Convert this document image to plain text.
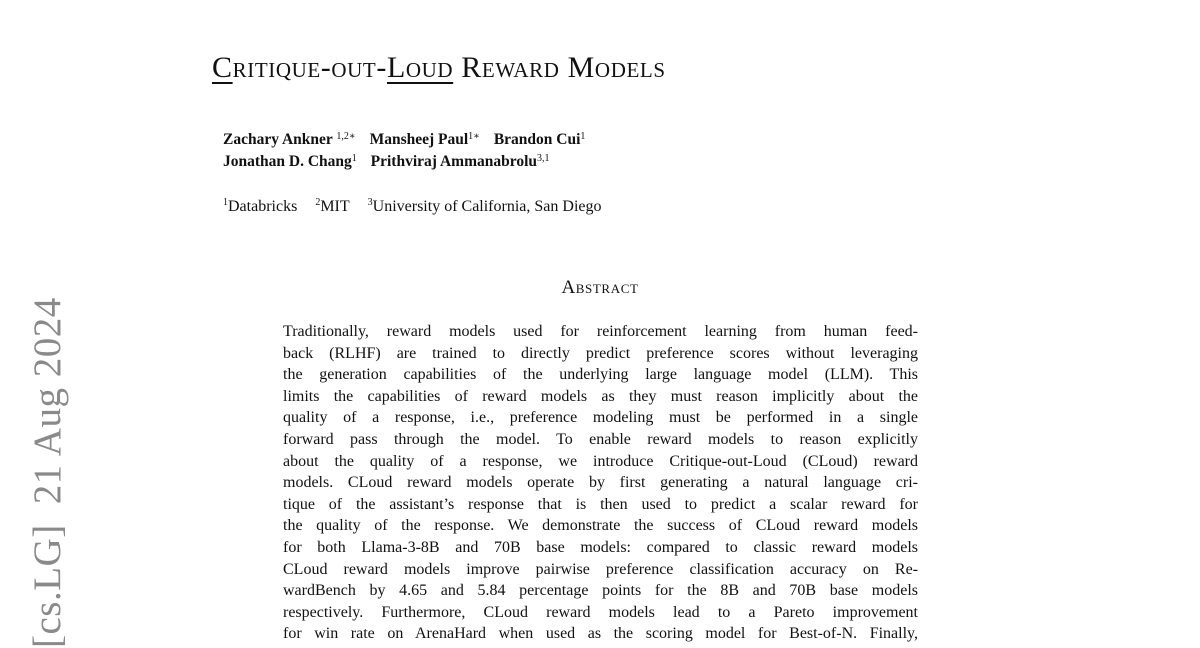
[cs.LG]21 Aug 2024
Critique-out-Loud Reward Models
Zachary Ankner $^{1,2∗}$ Mansheej Paul$^{1∗}$ Brandon Cui$^1$
Jonathan D. Chang$^1$ Prithviraj Ammanabrolu$^{3,1}$
$^1$Databricks $^2$MIT $^3$University of California, San Diego
Abstract
Traditionally, reward models used for reinforcement learning from human feed-
back (RLHF) are trained to directly predict preference scores without leveraging
the generation capabilities of the underlying large language model (LLM). This
limits the capabilities of reward models as they must reason implicitly about the
quality of a response, i.e., preference modeling must be performed in a single
forward pass through the model. To enable reward models to reason explicitly
about the quality of a response, we introduce Critique-out-Loud (CLoud) reward
models. CLoud reward models operate by first generating a natural language cri-
tique of the assistant’s response that is then used to predict a scalar reward for
the quality of the response. We demonstrate the success of CLoud reward models
for both Llama-3-8B and 70B base models: compared to classic reward models
CLoud reward models improve pairwise preference classification accuracy on Re-
wardBench by 4.65 and 5.84 percentage points for the 8B and 70B base models
respectively. Furthermore, CLoud reward models lead to a Pareto improvement
for win rate on ArenaHard when used as the scoring model for Best-of-N. Finally,
